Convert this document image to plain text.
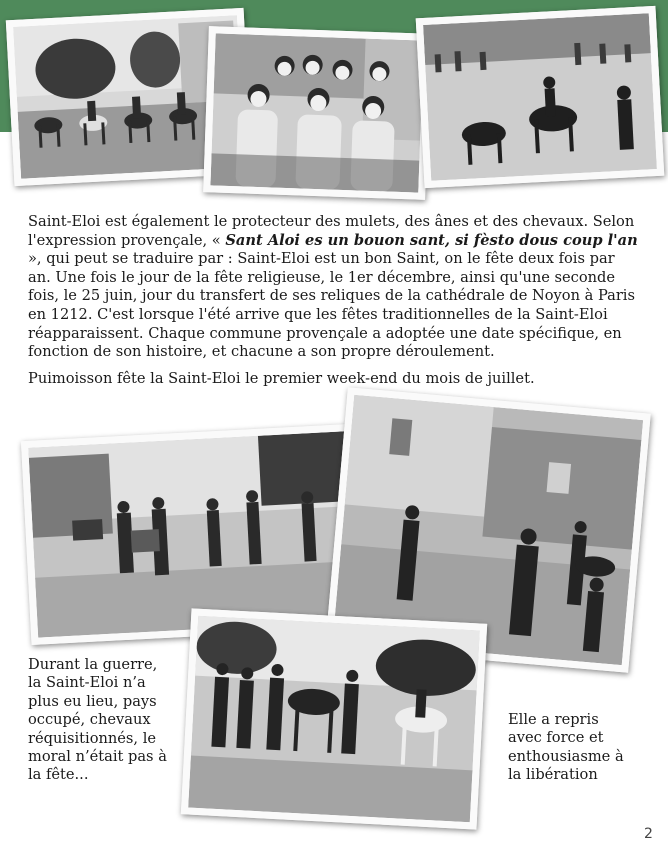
Saint-Eloi est également le protecteur des mulets, des ânes et des chevaux. Selon l'expression provençale, « Sant Aloi es un bouon sant, si fèsto dous coup l'an », qui peut se traduire par : Saint-Eloi est un bon Saint, on le fête deux fois par an. Une fois le jour de la fête religieuse, le 1er décembre, ainsi qu'une seconde fois, le 25 juin, jour du transfert de ses reliques de la cathédrale de Noyon à Paris en 1212. C'est lorsque l'été arrive que les fêtes traditionnelles de la Saint-Eloi réapparaissent. Chaque commune provençale a adoptée une date spécifique, en fonction de son histoire, et chacune a son propre déroulement.

Puimoisson fête la Saint-Eloi le premier week-end du mois de juillet.

Durant la guerre, la Saint-Eloi n’a plus eu lieu, pays occupé, chevaux réquisitionnés, le moral n’était pas à la fête...

Elle a repris avec force et enthousiasme à la libération

2
